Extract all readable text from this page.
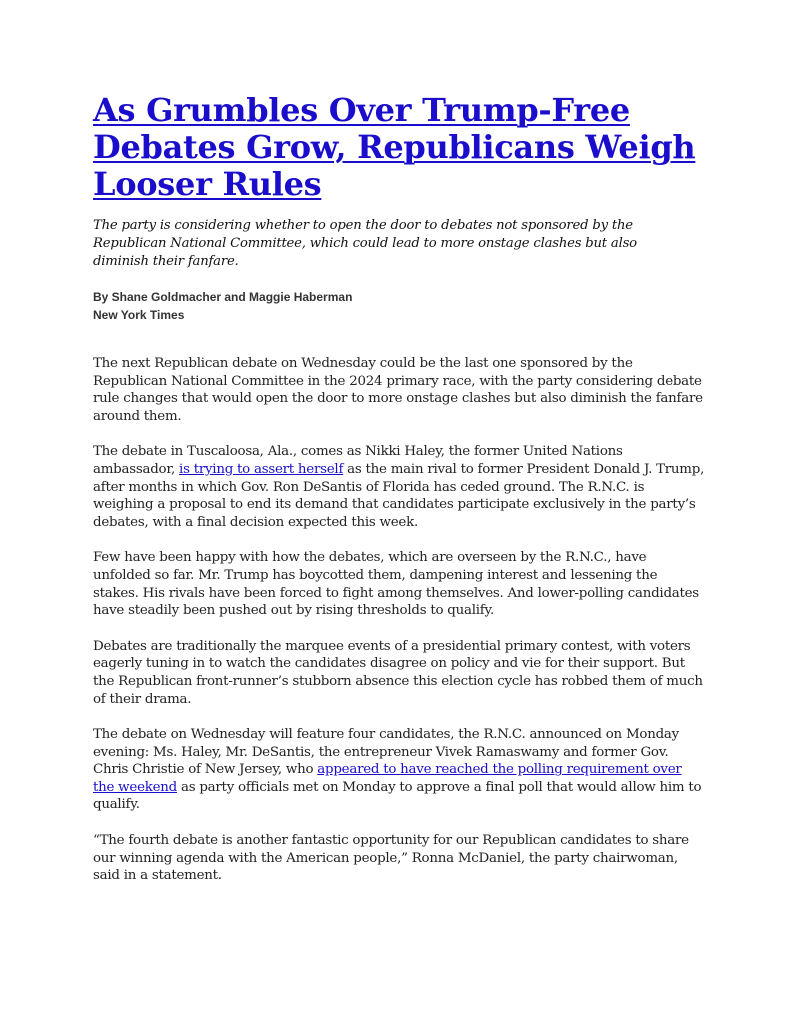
As Grumbles Over Trump-Free Debates Grow, Republicans Weigh Looser Rules

The party is considering whether to open the door to debates not sponsored by the Republican National Committee, which could lead to more onstage clashes but also diminish their fanfare.

By Shane Goldmacher and Maggie Haberman
New York Times

The next Republican debate on Wednesday could be the last one sponsored by the Republican National Committee in the 2024 primary race, with the party considering debate rule changes that would open the door to more onstage clashes but also diminish the fanfare around them.

The debate in Tuscaloosa, Ala., comes as Nikki Haley, the former United Nations ambassador, is trying to assert herself as the main rival to former President Donald J. Trump, after months in which Gov. Ron DeSantis of Florida has ceded ground. The R.N.C. is weighing a proposal to end its demand that candidates participate exclusively in the party’s debates, with a final decision expected this week.

Few have been happy with how the debates, which are overseen by the R.N.C., have unfolded so far. Mr. Trump has boycotted them, dampening interest and lessening the stakes. His rivals have been forced to fight among themselves. And lower-polling candidates have steadily been pushed out by rising thresholds to qualify.

Debates are traditionally the marquee events of a presidential primary contest, with voters eagerly tuning in to watch the candidates disagree on policy and vie for their support. But the Republican front-runner’s stubborn absence this election cycle has robbed them of much of their drama.

The debate on Wednesday will feature four candidates, the R.N.C. announced on Monday evening: Ms. Haley, Mr. DeSantis, the entrepreneur Vivek Ramaswamy and former Gov. Chris Christie of New Jersey, who appeared to have reached the polling requirement over the weekend as party officials met on Monday to approve a final poll that would allow him to qualify.

“The fourth debate is another fantastic opportunity for our Republican candidates to share our winning agenda with the American people,” Ronna McDaniel, the party chairwoman, said in a statement.
